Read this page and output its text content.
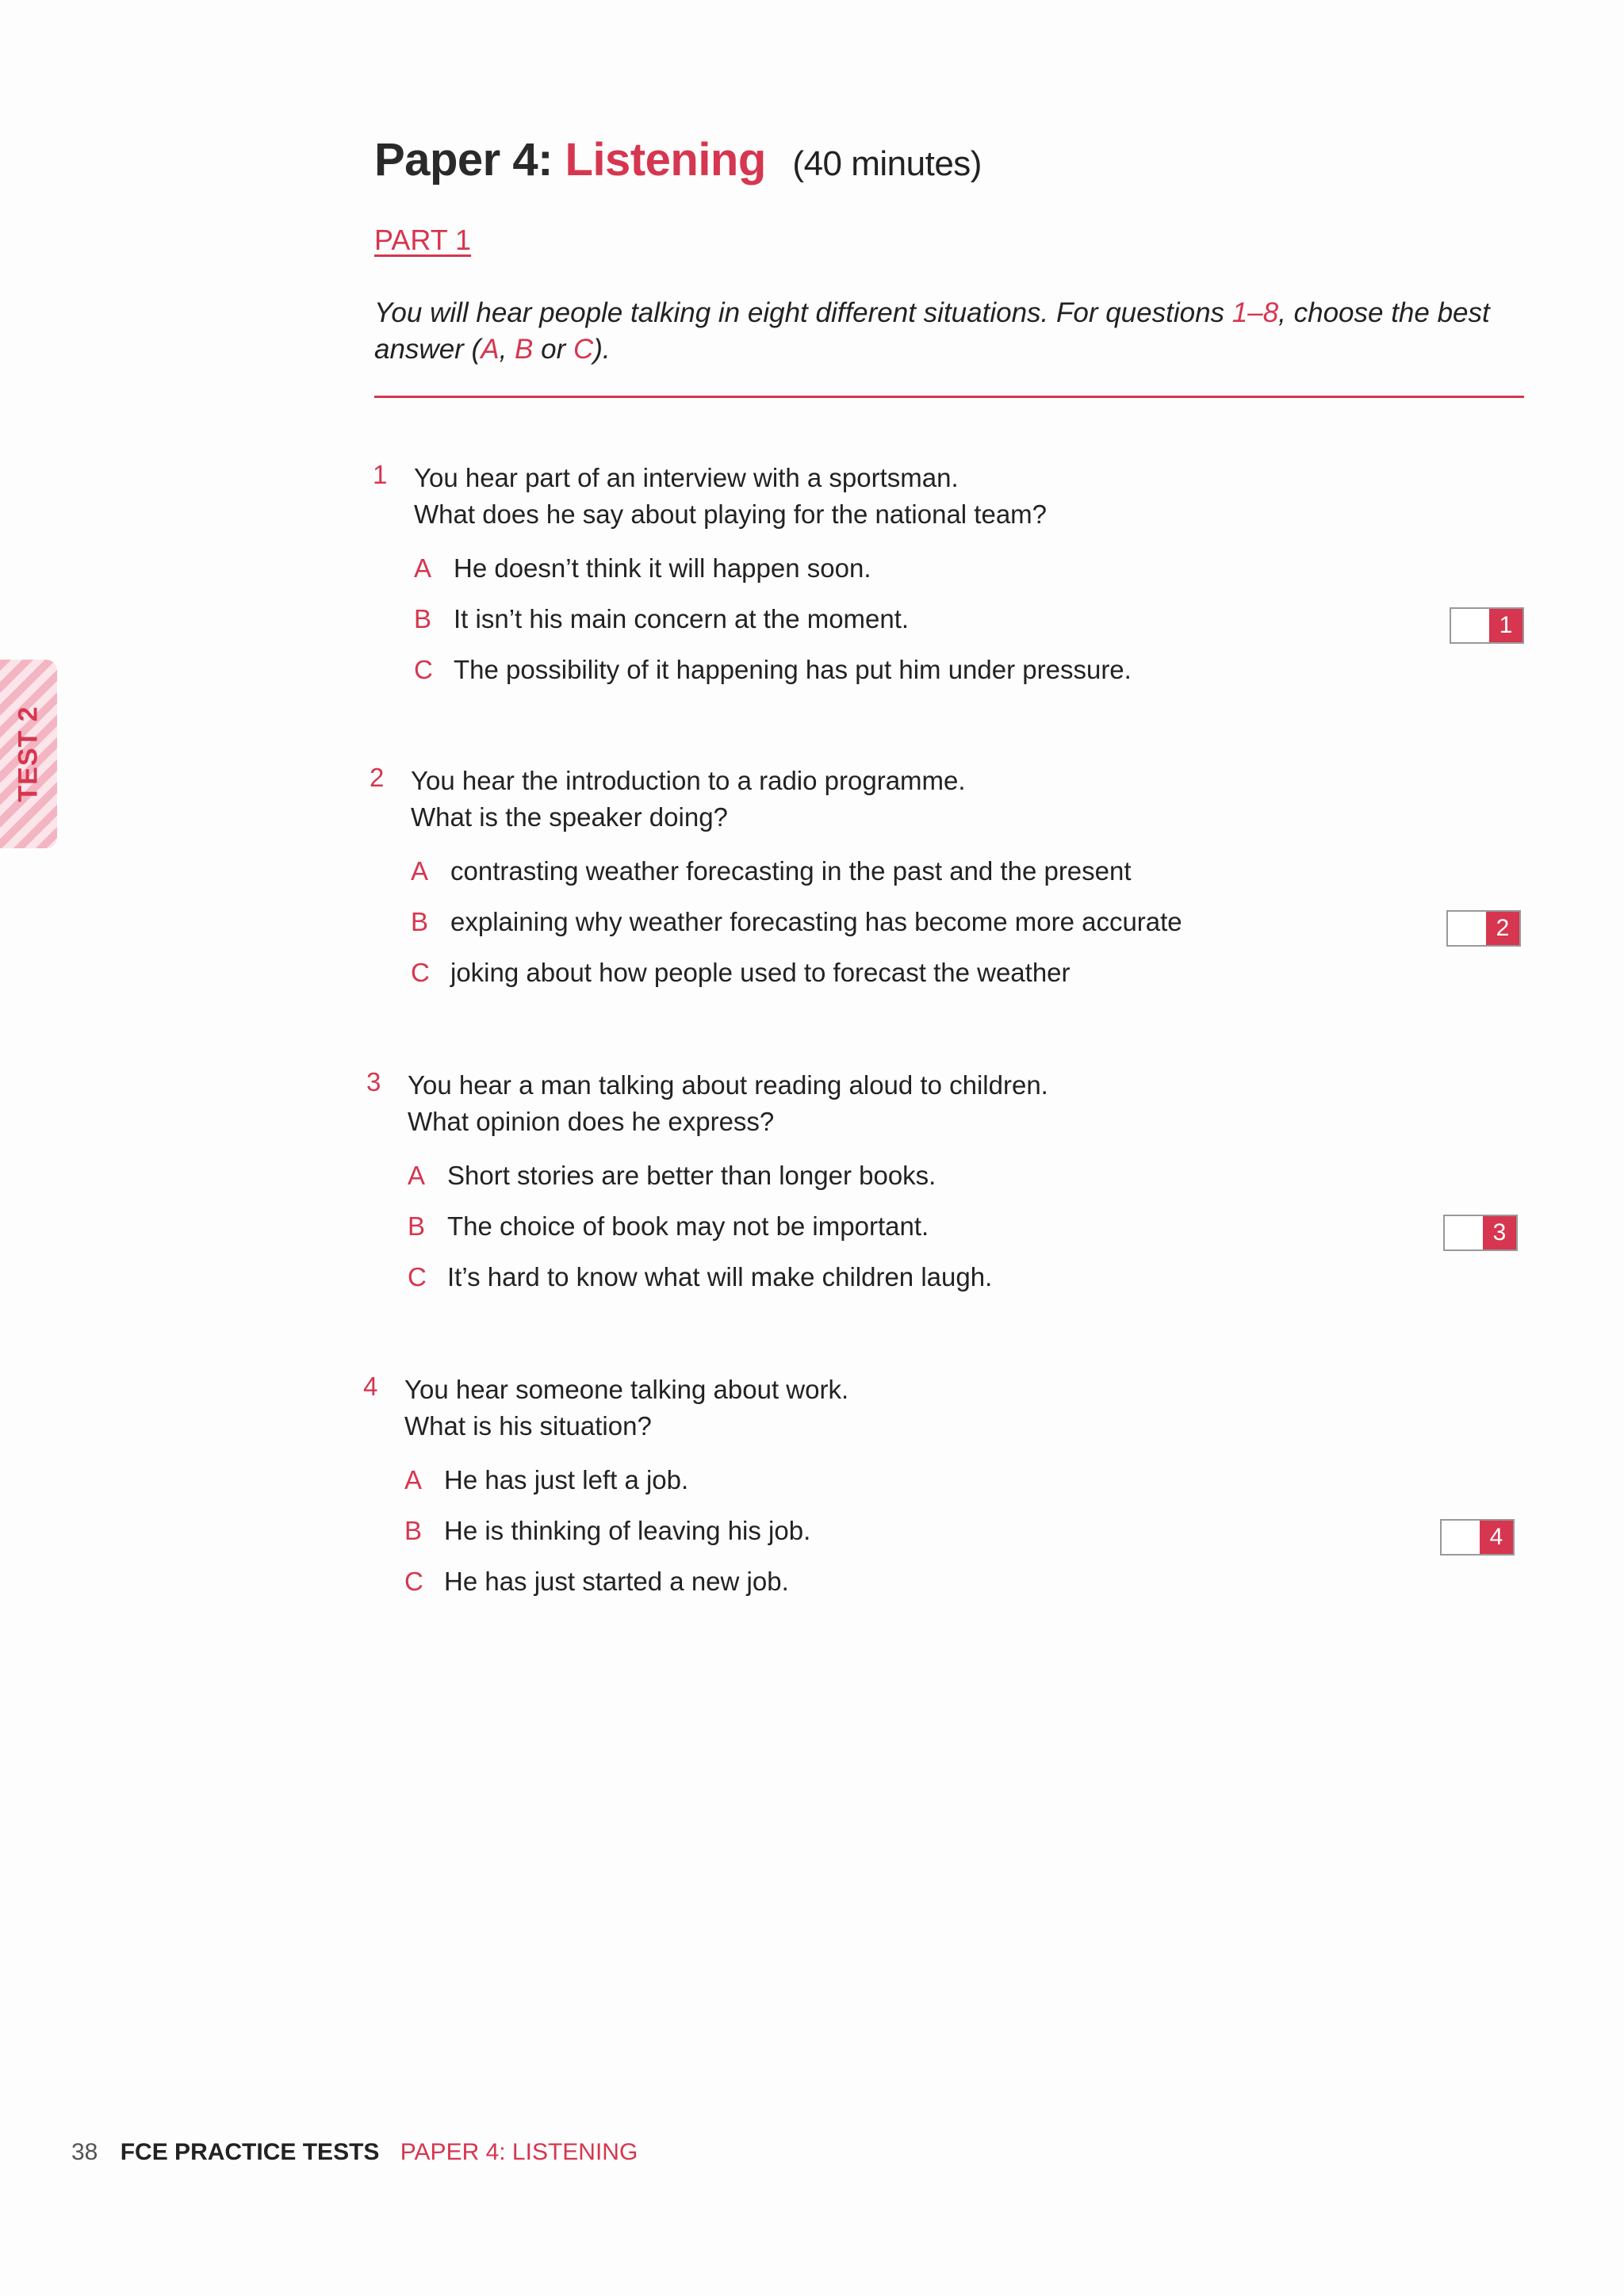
Paper 4: Listening (40 minutes)
PART 1
You will hear people talking in eight different situations. For questions 1–8, choose the best answer (A, B or C).
TEST 2
1 You hear part of an interview with a sportsman.
What does he say about playing for the national team?
A He doesn’t think it will happen soon.
B It isn’t his main concern at the moment.
C The possibility of it happening has put him under pressure.
1
2 You hear the introduction to a radio programme.
What is the speaker doing?
A contrasting weather forecasting in the past and the present
B explaining why weather forecasting has become more accurate
C joking about how people used to forecast the weather
2
3 You hear a man talking about reading aloud to children.
What opinion does he express?
A Short stories are better than longer books.
B The choice of book may not be important.
C It’s hard to know what will make children laugh.
3
4 You hear someone talking about work.
What is his situation?
A He has just left a job.
B He is thinking of leaving his job.
C He has just started a new job.
4
38 FCE PRACTICE TESTS PAPER 4: LISTENING
